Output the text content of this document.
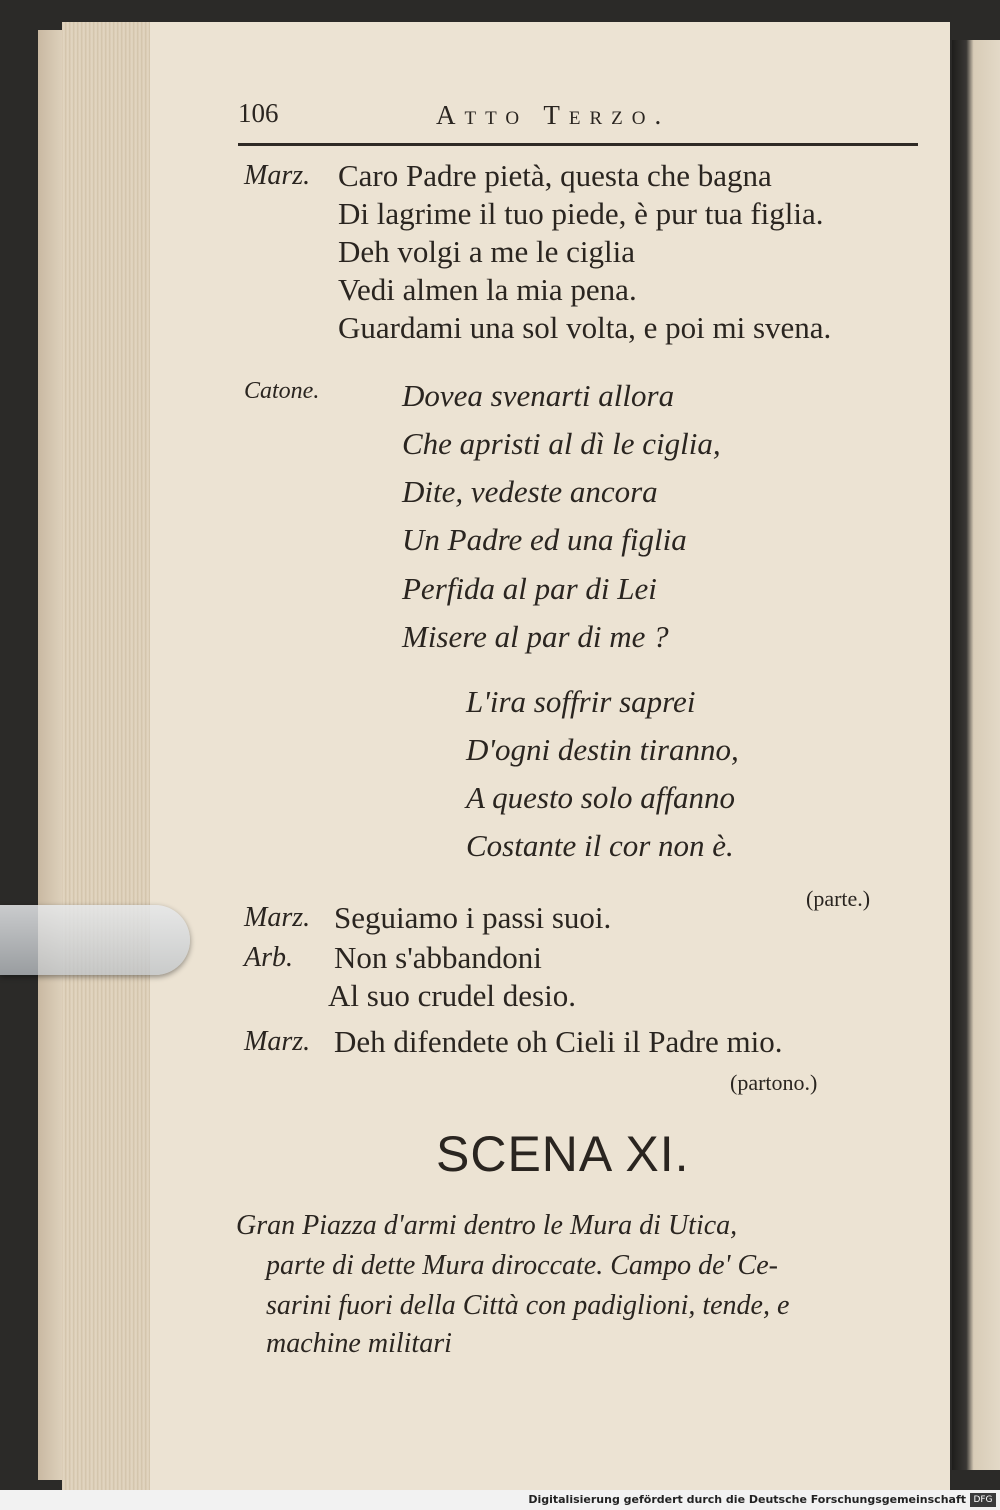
106	Atto Terzo.
Marz. Caro Padre pietà, questa che bagna
Di lagrime il tuo piede, è pur tua figlia.
Deh volgi a me le ciglia
Vedi almen la mia pena.
Guardami una sol volta, e poi mi svena.
Catone.	Dovea svenarti allora
Che apristi al dì le ciglia,
Dite, vedeste ancora
Un Padre ed una figlia
Perfida al par di Lei
Misere al par di me ?
L'ira soffrir saprei
D'ogni destin tiranno,
A questo solo affanno
Costante il cor non è.
(parte.)
Marz. Seguiamo i passi suoi.
Arb. Non s'abbandoni
Al suo crudel desio.
Marz. Deh difendete oh Cieli il Padre mio.
(partono.)
SCENA XI.
Gran Piazza d'armi dentro le Mura di Utica,
parte di dette Mura diroccate. Campo de' Ce-
sarini fuori della Città con padiglioni, tende, e
machine militari
Digitalisierung gefördert durch die Deutsche Forschungsgemeinschaft DFG
